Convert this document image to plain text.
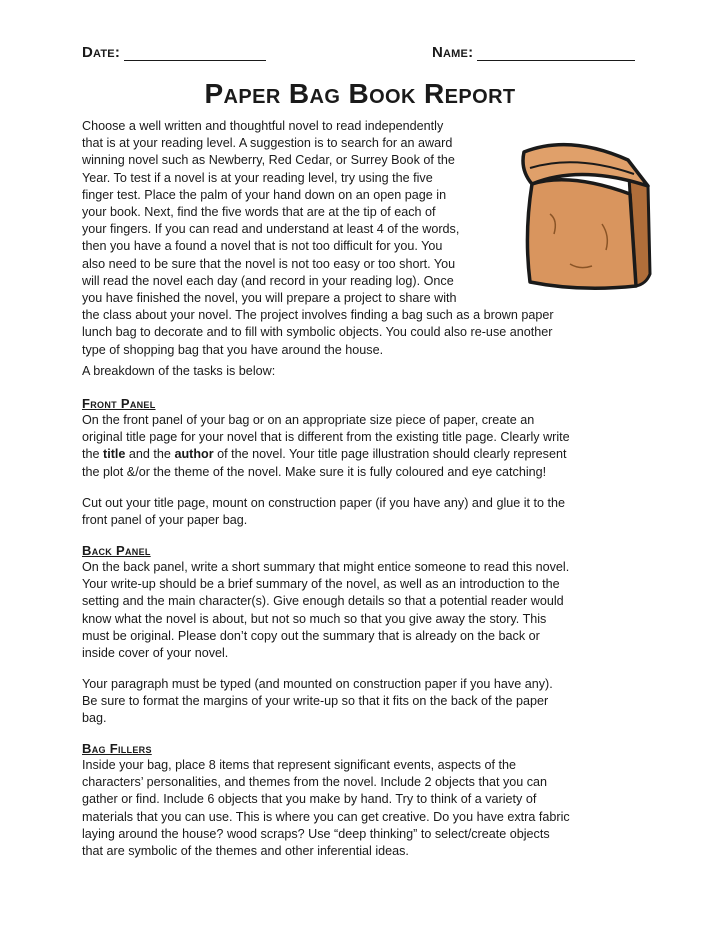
Date:	Name:
Paper Bag Book Report
Choose a well written and thoughtful novel to read independently
that is at your reading level. A suggestion is to search for an award
winning novel such as Newberry, Red Cedar, or Surrey Book of the
Year. To test if a novel is at your reading level, try using the five
finger test. Place the palm of your hand down on an open page in
your book. Next, find the five words that are at the tip of each of
your fingers. If you can read and understand at least 4 of the words,
then you have a found a novel that is not too difficult for you. You
also need to be sure that the novel is not too easy or too short. You
will read the novel each day (and record in your reading log). Once
you have finished the novel, you will prepare a project to share with
the class about your novel. The project involves finding a bag such as a brown paper
lunch bag to decorate and to fill with symbolic objects. You could also re-use another
type of shopping bag that you have around the house.

A breakdown of the tasks is below:

Front Panel
On the front panel of your bag or on an appropriate size piece of paper, create an
original title page for your novel that is different from the existing title page. Clearly write
the title and the author of the novel. Your title page illustration should clearly represent
the plot &/or the theme of the novel. Make sure it is fully coloured and eye catching!
Cut out your title page, mount on construction paper (if you have any) and glue it to the
front panel of your paper bag.
Back Panel
On the back panel, write a short summary that might entice someone to read this novel.
Your write-up should be a brief summary of the novel, as well as an introduction to the
setting and the main character(s). Give enough details so that a potential reader would
know what the novel is about, but not so much so that you give away the story. This
must be original. Please don’t copy out the summary that is already on the back or
inside cover of your novel.
Your paragraph must be typed (and mounted on construction paper if you have any).
Be sure to format the margins of your write-up so that it fits on the back of the paper
bag.
Bag Fillers
Inside your bag, place 8 items that represent significant events, aspects of the
characters’ personalities, and themes from the novel. Include 2 objects that you can
gather or find. Include 6 objects that you make by hand. Try to think of a variety of
materials that you can use. This is where you can get creative. Do you have extra fabric
laying around the house? wood scraps? Use “deep thinking” to select/create objects
that are symbolic of the themes and other inferential ideas.
